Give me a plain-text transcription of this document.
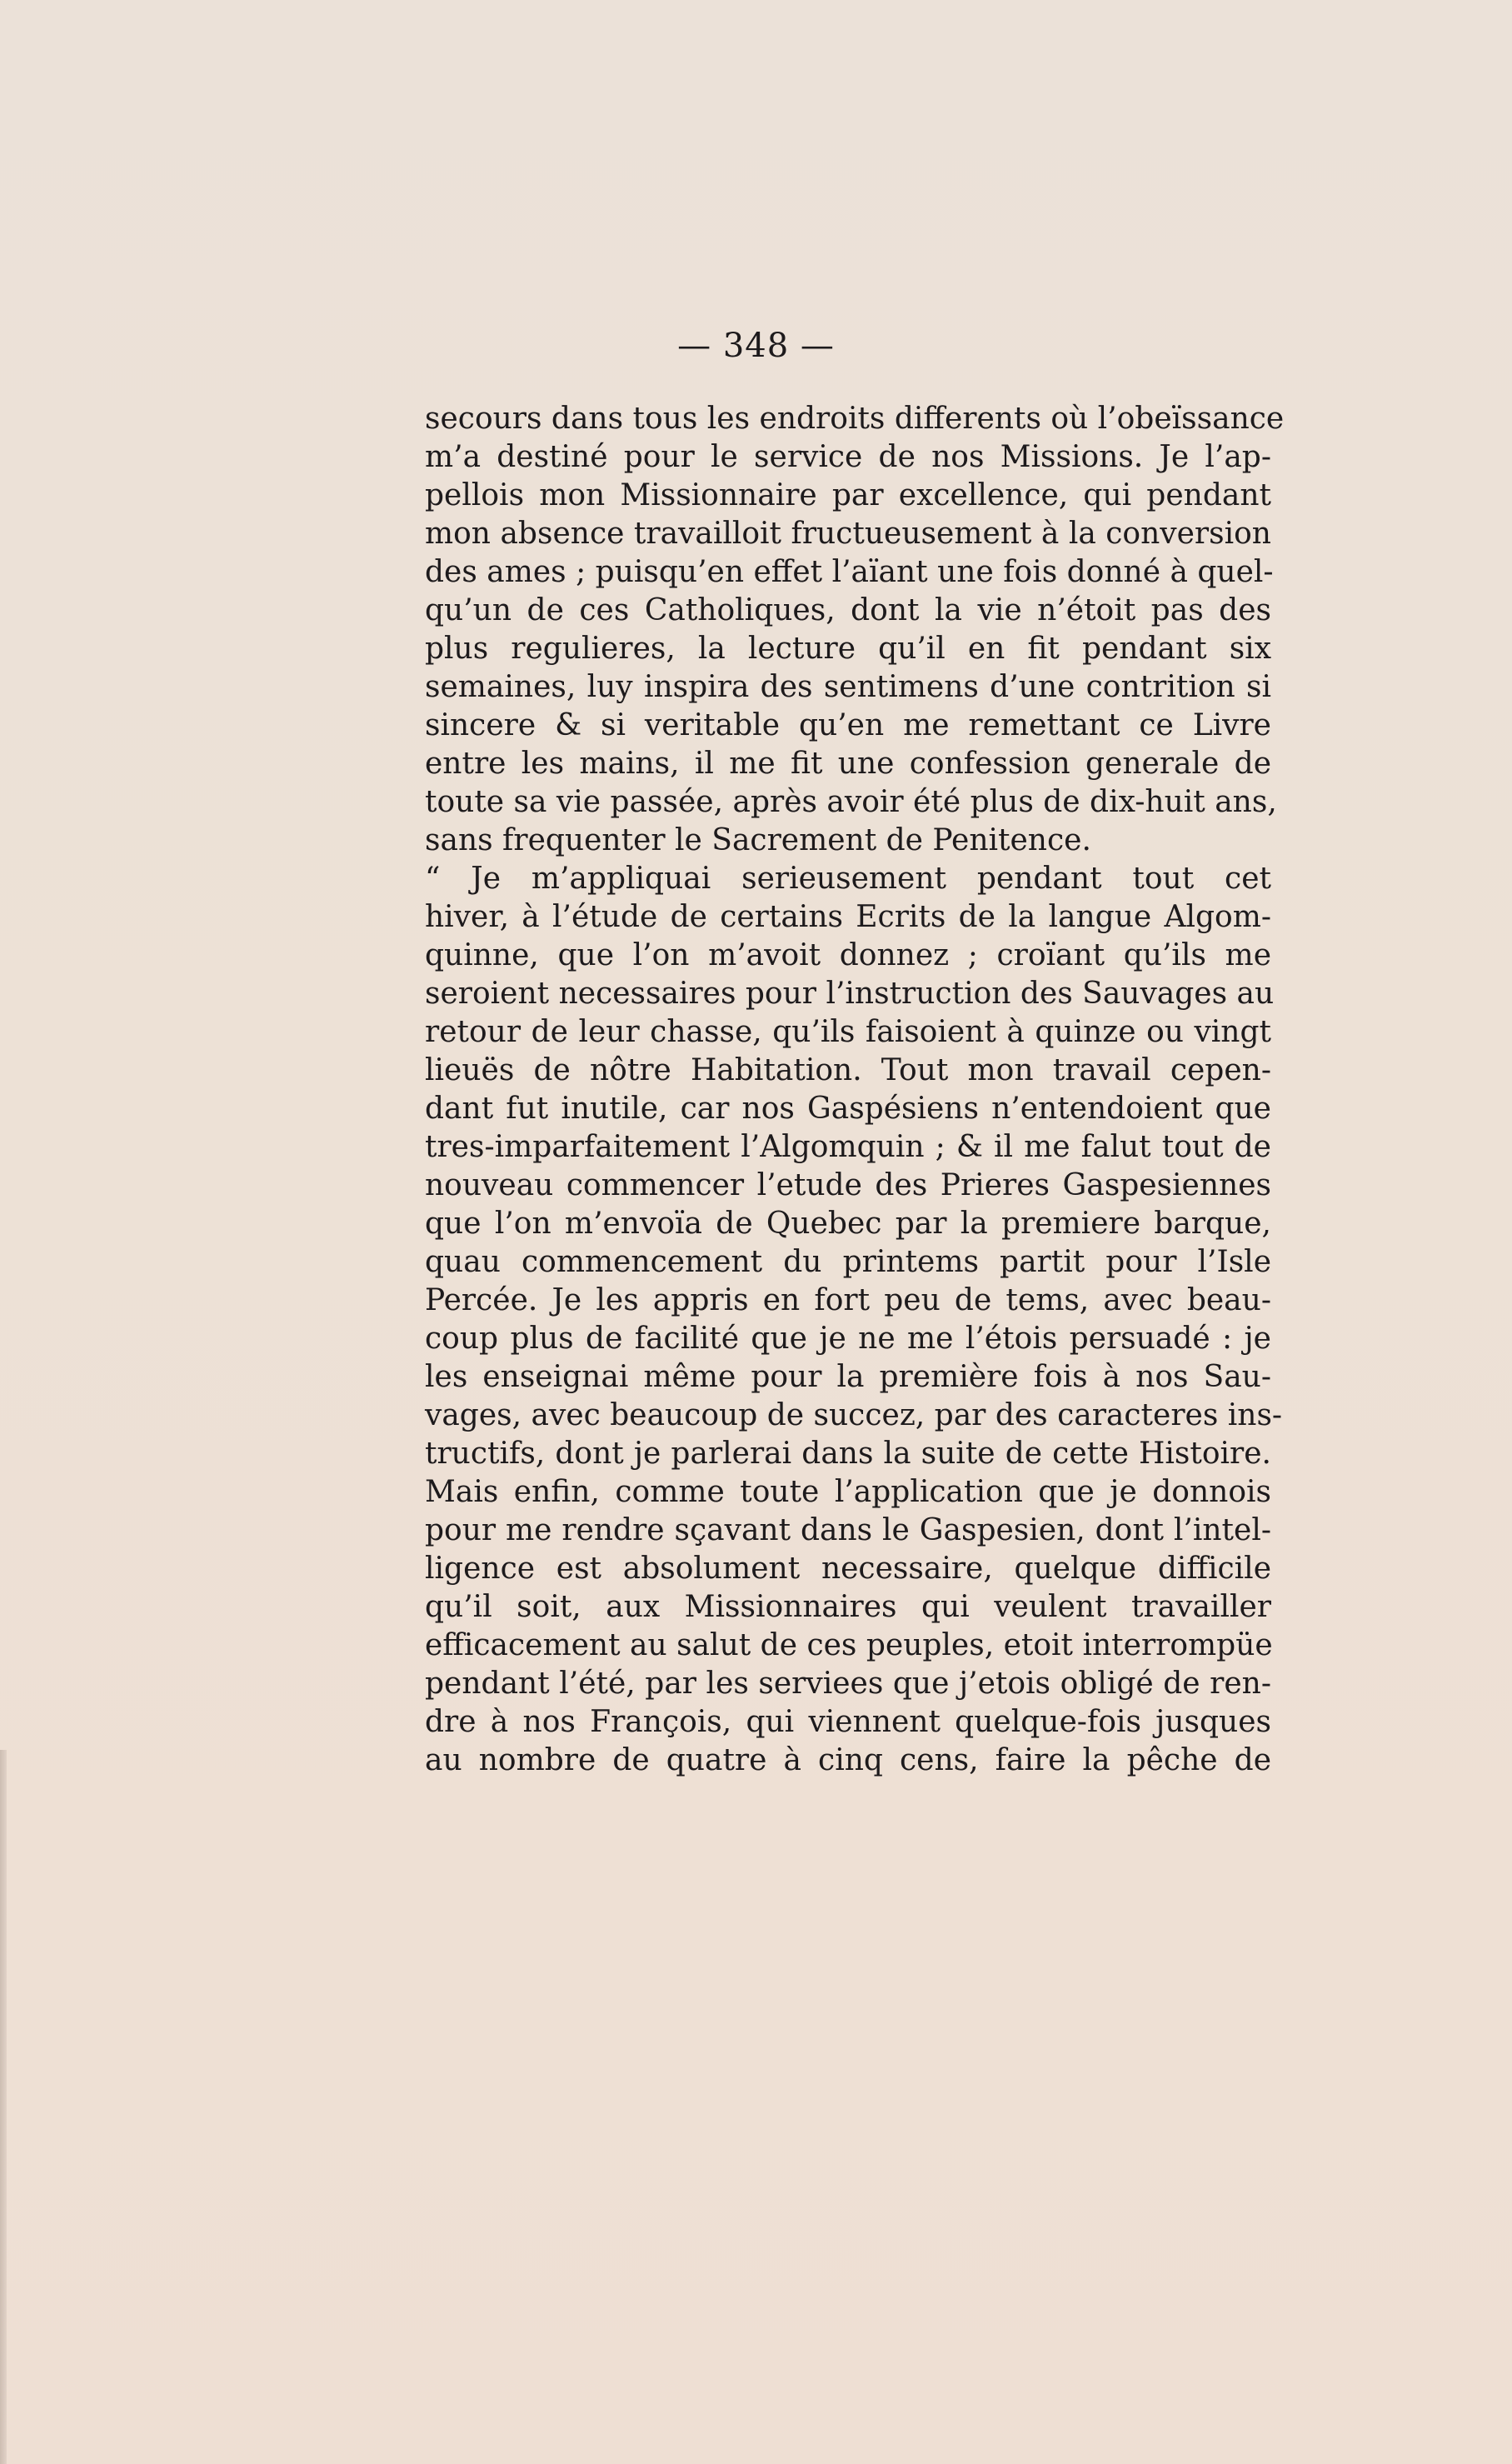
— 348 —
secours dans tous les endroits differents où l’obeïssance
m’a destiné pour le service de nos Missions. Je l’ap-
pellois mon Missionnaire par excellence, qui pendant
mon absence travailloit fructueusement à la conversion
des ames ; puisqu’en effet l’aïant une fois donné à quel-
qu’un de ces Catholiques, dont la vie n’étoit pas des
plus regulieres, la lecture qu’il en fit pendant six
semaines, luy inspira des sentimens d’une contrition si
sincere & si veritable qu’en me remettant ce Livre
entre les mains, il me fit une confession generale de
toute sa vie passée, après avoir été plus de dix-huit ans,
sans frequenter le Sacrement de Penitence.
“ Je m’appliquai serieusement pendant tout cet
hiver, à l’étude de certains Ecrits de la langue Algom-
quinne, que l’on m’avoit donnez ; croïant qu’ils me
seroient necessaires pour l’instruction des Sauvages au
retour de leur chasse, qu’ils faisoient à quinze ou vingt
lieuës de nôtre Habitation. Tout mon travail cepen-
dant fut inutile, car nos Gaspésiens n’entendoient que
tres-imparfaitement l’Algomquin ; & il me falut tout de
nouveau commencer l’etude des Prieres Gaspesiennes
que l’on m’envoïa de Quebec par la premiere barque,
quau commencement du printems partit pour l’Isle
Percée. Je les appris en fort peu de tems, avec beau-
coup plus de facilité que je ne me l’étois persuadé : je
les enseignai même pour la première fois à nos Sau-
vages, avec beaucoup de succez, par des caracteres ins-
tructifs, dont je parlerai dans la suite de cette Histoire.
Mais enfin, comme toute l’application que je donnois
pour me rendre sçavant dans le Gaspesien, dont l’intel-
ligence est absolument necessaire, quelque difficile
qu’il soit, aux Missionnaires qui veulent travailler
efficacement au salut de ces peuples, etoit interrompüe
pendant l’été, par les serviees que j’etois obligé de ren-
dre à nos François, qui viennent quelque-fois jusques
au nombre de quatre à cinq cens, faire la pêche de
